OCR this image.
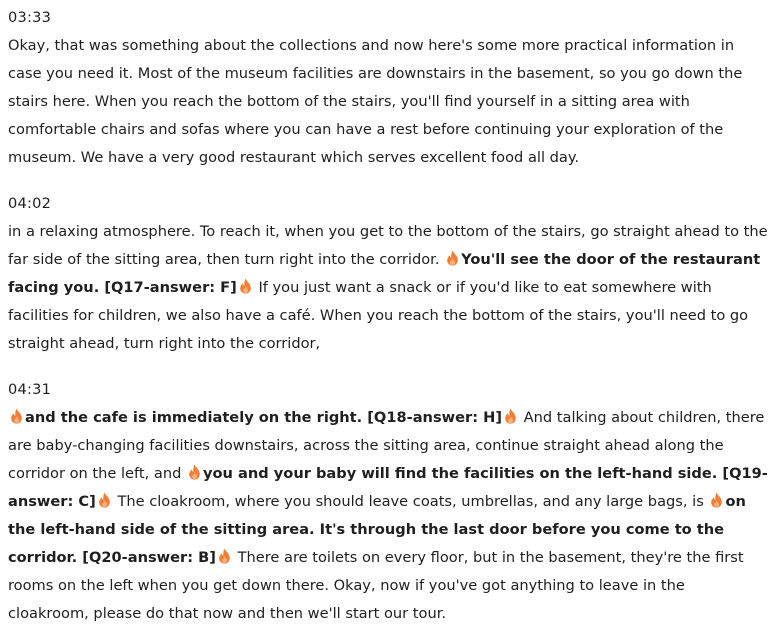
03:33

Okay, that was something about the collections and now here's some more practical information in case you need it. Most of the museum facilities are downstairs in the basement, so you go down the stairs here. When you reach the bottom of the stairs, you'll find yourself in a sitting area with comfortable chairs and sofas where you can have a rest before continuing your exploration of the museum. We have a very good restaurant which serves excellent food all day.

04:02

in a relaxing atmosphere. To reach it, when you get to the bottom of the stairs, go straight ahead to the far side of the sitting area, then turn right into the corridor.
You'll see the door of the restaurant facing you. [Q17-answer: F]
If you just want a snack or if you'd like to eat somewhere with facilities for children, we also have a café. When you reach the bottom of the stairs, you'll need to go straight ahead, turn right into the corridor,

04:31

and the cafe is immediately on the right. [Q18-answer: H]
And talking about children, there are baby-changing facilities downstairs, across the sitting area, continue straight ahead along the corridor on the left, and
you and your baby will find the facilities on the left-hand side. [Q19-answer: C]
The cloakroom, where you should leave coats, umbrellas, and any large bags, is
on the left-hand side of the sitting area. It's through the last door before you come to the corridor. [Q20-answer: B]
There are toilets on every floor, but in the basement, they're the first rooms on the left when you get down there. Okay, now if you've got anything to leave in the cloakroom, please do that now and then we'll start our tour.
